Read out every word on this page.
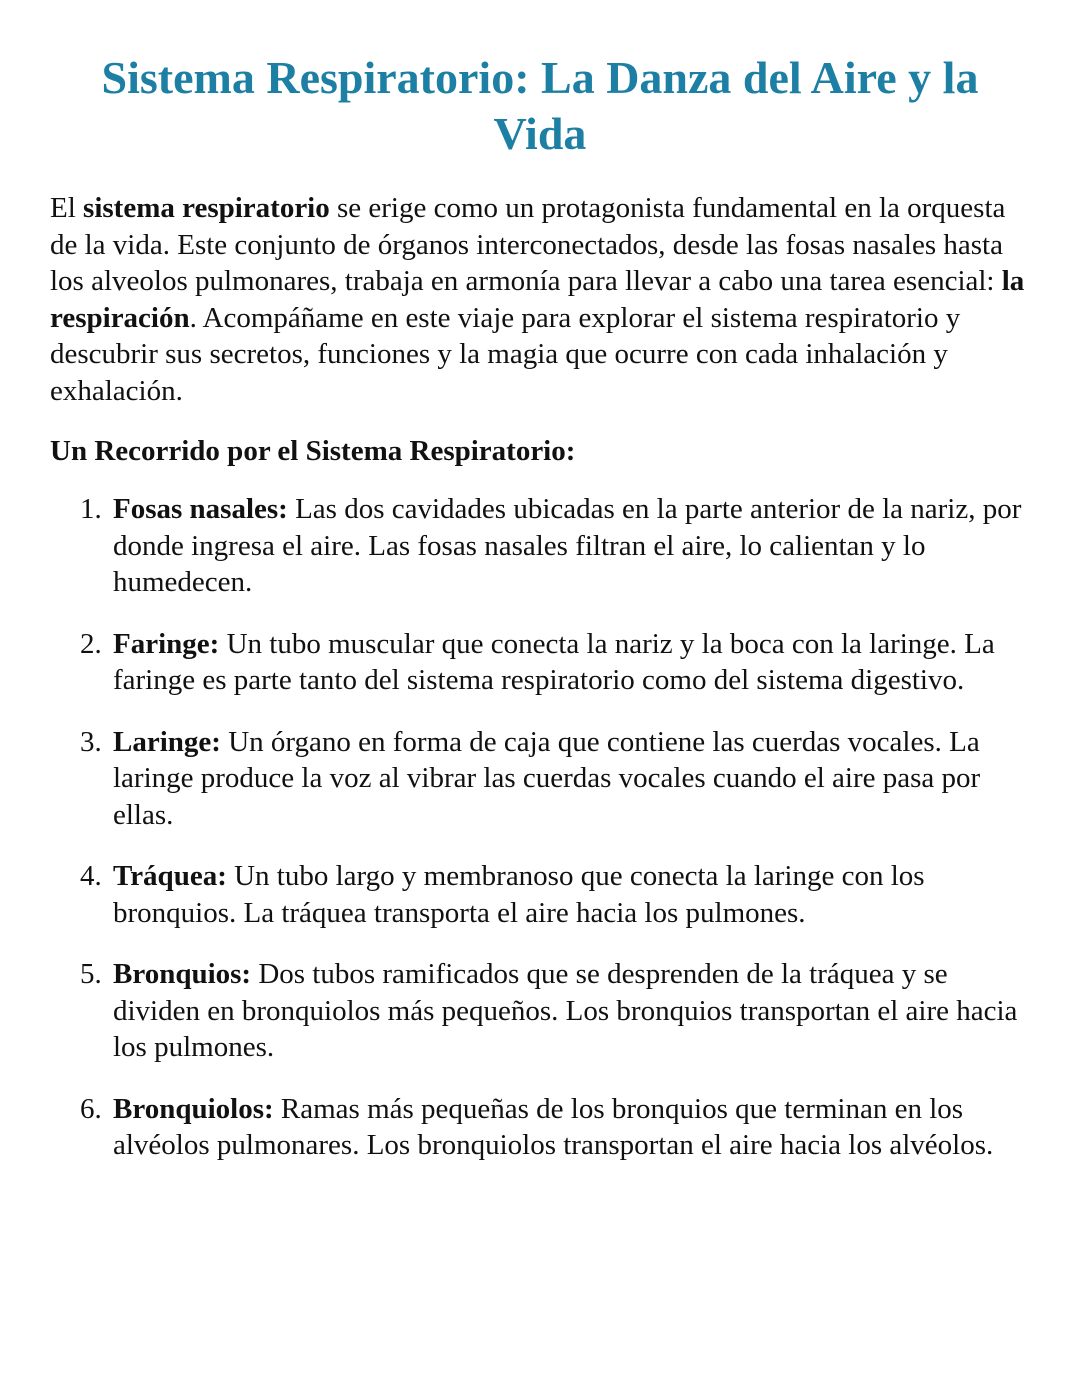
Sistema Respiratorio: La Danza del Aire y la Vida

El sistema respiratorio se erige como un protagonista fundamental en la orquesta de la vida. Este conjunto de órganos interconectados, desde las fosas nasales hasta los alveolos pulmonares, trabaja en armonía para llevar a cabo una tarea esencial: la respiración. Acompáñame en este viaje para explorar el sistema respiratorio y descubrir sus secretos, funciones y la magia que ocurre con cada inhalación y exhalación.

Un Recorrido por el Sistema Respiratorio:

1. Fosas nasales: Las dos cavidades ubicadas en la parte anterior de la nariz, por donde ingresa el aire. Las fosas nasales filtran el aire, lo calientan y lo humedecen.
2. Faringe: Un tubo muscular que conecta la nariz y la boca con la laringe. La faringe es parte tanto del sistema respiratorio como del sistema digestivo.
3. Laringe: Un órgano en forma de caja que contiene las cuerdas vocales. La laringe produce la voz al vibrar las cuerdas vocales cuando el aire pasa por ellas.
4. Tráquea: Un tubo largo y membranoso que conecta la laringe con los bronquios. La tráquea transporta el aire hacia los pulmones.
5. Bronquios: Dos tubos ramificados que se desprenden de la tráquea y se dividen en bronquiolos más pequeños. Los bronquios transportan el aire hacia los pulmones.
6. Bronquiolos: Ramas más pequeñas de los bronquios que terminan en los alvéolos pulmonares. Los bronquiolos transportan el aire hacia los alvéolos.
